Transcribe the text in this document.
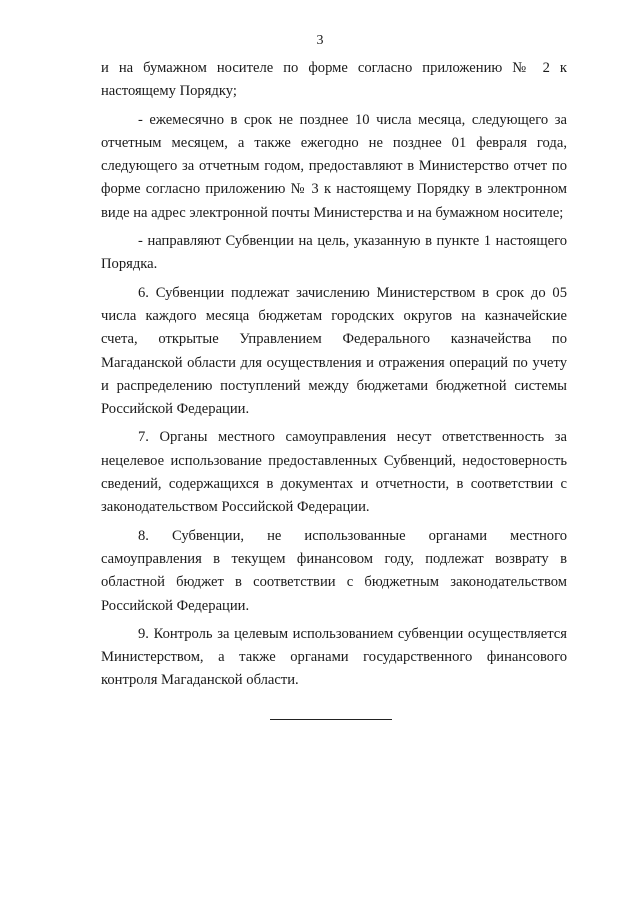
3

и на бумажном носителе по форме согласно приложению № 2 к настоящему Порядку;

- ежемесячно в срок не позднее 10 числа месяца, следующего за отчетным месяцем, а также ежегодно не позднее 01 февраля года, следующего за отчетным годом, предоставляют в Министерство отчет по форме согласно приложению № 3 к настоящему Порядку в электронном виде на адрес электронной почты Министерства и на бумажном носителе;

- направляют Субвенции на цель, указанную в пункте 1 настоящего Порядка.

6. Субвенции подлежат зачислению Министерством в срок до 05 числа каждого месяца бюджетам городских округов на казначейские счета, открытые Управлением Федерального казначейства по Магаданской области для осуществления и отражения операций по учету и распределению поступлений между бюджетами бюджетной системы Российской Федерации.

7. Органы местного самоуправления несут ответственность за нецелевое использование предоставленных Субвенций, недостоверность сведений, содержащихся в документах и отчетности, в соответствии с законодательством Российской Федерации.

8. Субвенции, не использованные органами местного самоуправления в текущем финансовом году, подлежат возврату в областной бюджет в соответствии с бюджетным законодательством Российской Федерации.

9. Контроль за целевым использованием субвенции осуществляется Министерством, а также органами государственного финансового контроля Магаданской области.
